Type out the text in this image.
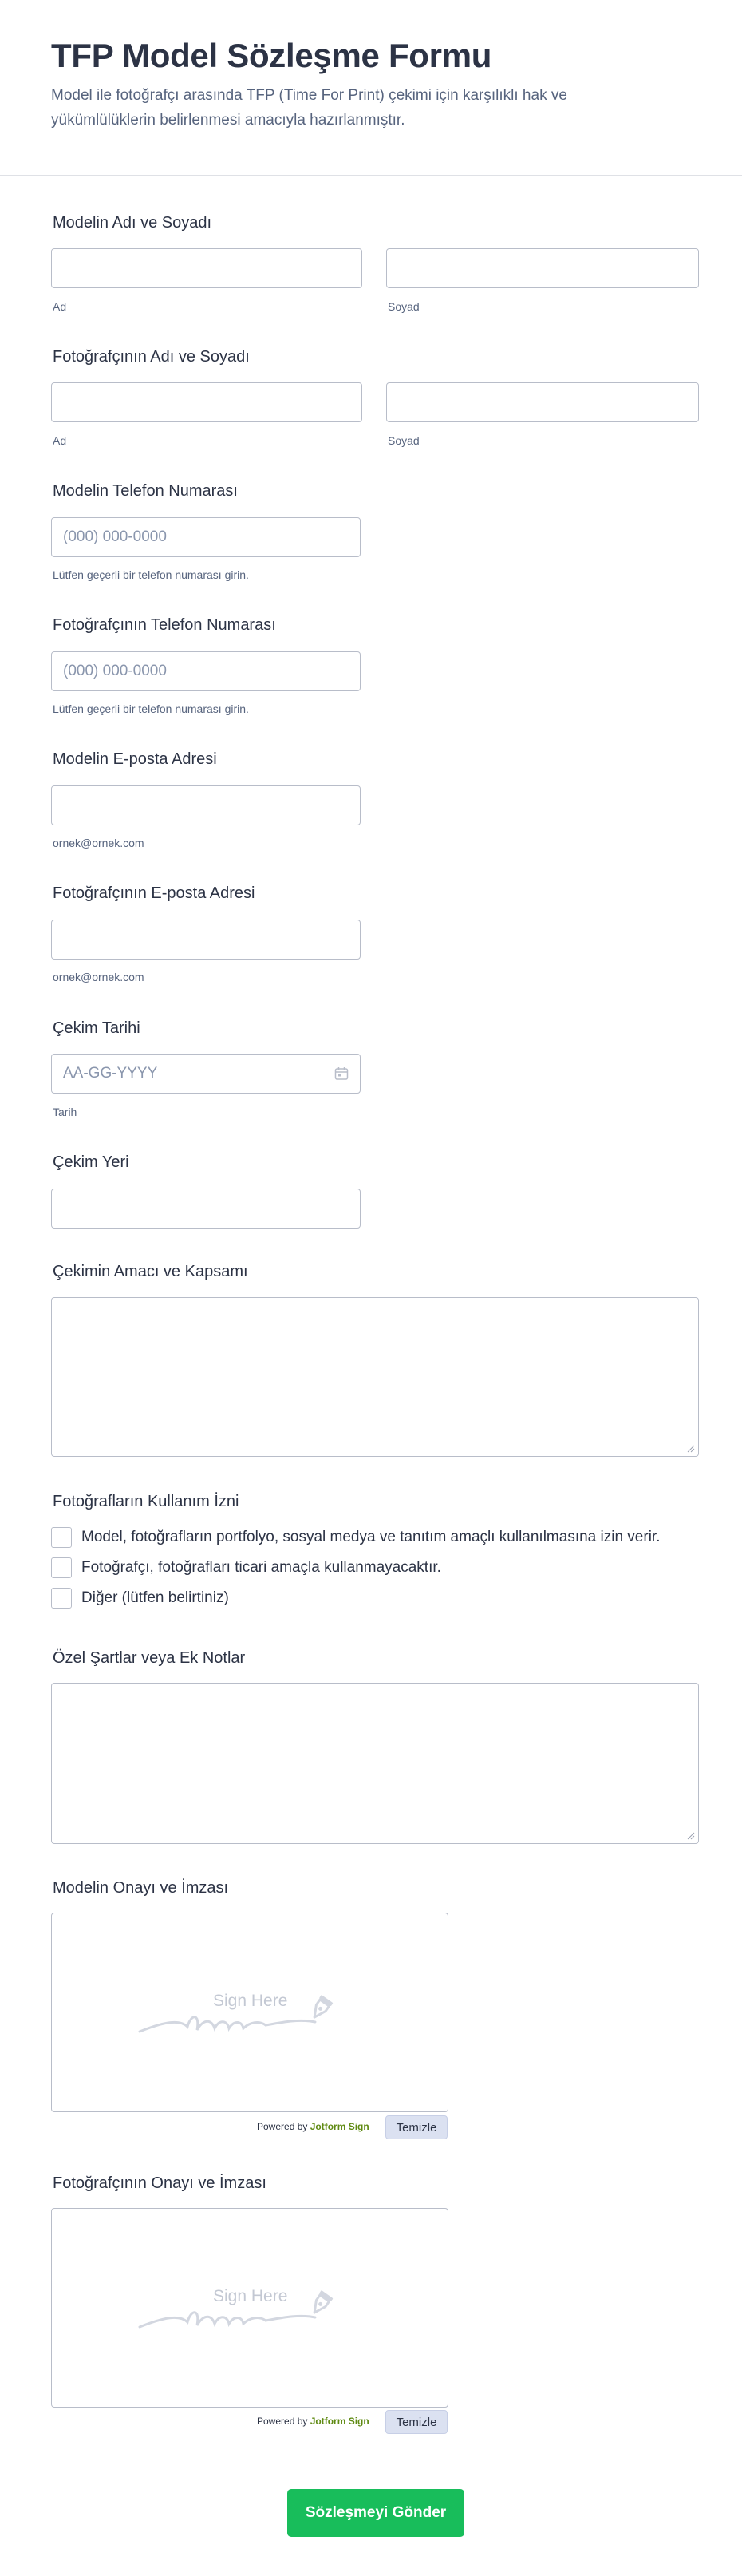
TFP Model Sözleşme Formu
Model ile fotoğrafçı arasında TFP (Time For Print) çekimi için karşılıklı hak ve yükümlülüklerin belirlenmesi amacıyla hazırlanmıştır.
Modelin Adı ve Soyadı
Ad	Soyad
Fotoğrafçının Adı ve Soyadı
Ad	Soyad
Modelin Telefon Numarası
(000) 000-0000
Lütfen geçerli bir telefon numarası girin.
Fotoğrafçının Telefon Numarası
(000) 000-0000
Lütfen geçerli bir telefon numarası girin.
Modelin E-posta Adresi
ornek@ornek.com
Fotoğrafçının E-posta Adresi
ornek@ornek.com
Çekim Tarihi
AA-GG-YYYY
Tarih
Çekim Yeri
Çekimin Amacı ve Kapsamı
Fotoğrafların Kullanım İzni
Model, fotoğrafların portfolyo, sosyal medya ve tanıtım amaçlı kullanılmasına izin verir.
Fotoğrafçı, fotoğrafları ticari amaçla kullanmayacaktır.
Diğer (lütfen belirtiniz)
Özel Şartlar veya Ek Notlar
Modelin Onayı ve İmzası
Sign Here
Powered by Jotform Sign	Temizle
Fotoğrafçının Onayı ve İmzası
Sign Here
Powered by Jotform Sign	Temizle
Sözleşmeyi Gönder
